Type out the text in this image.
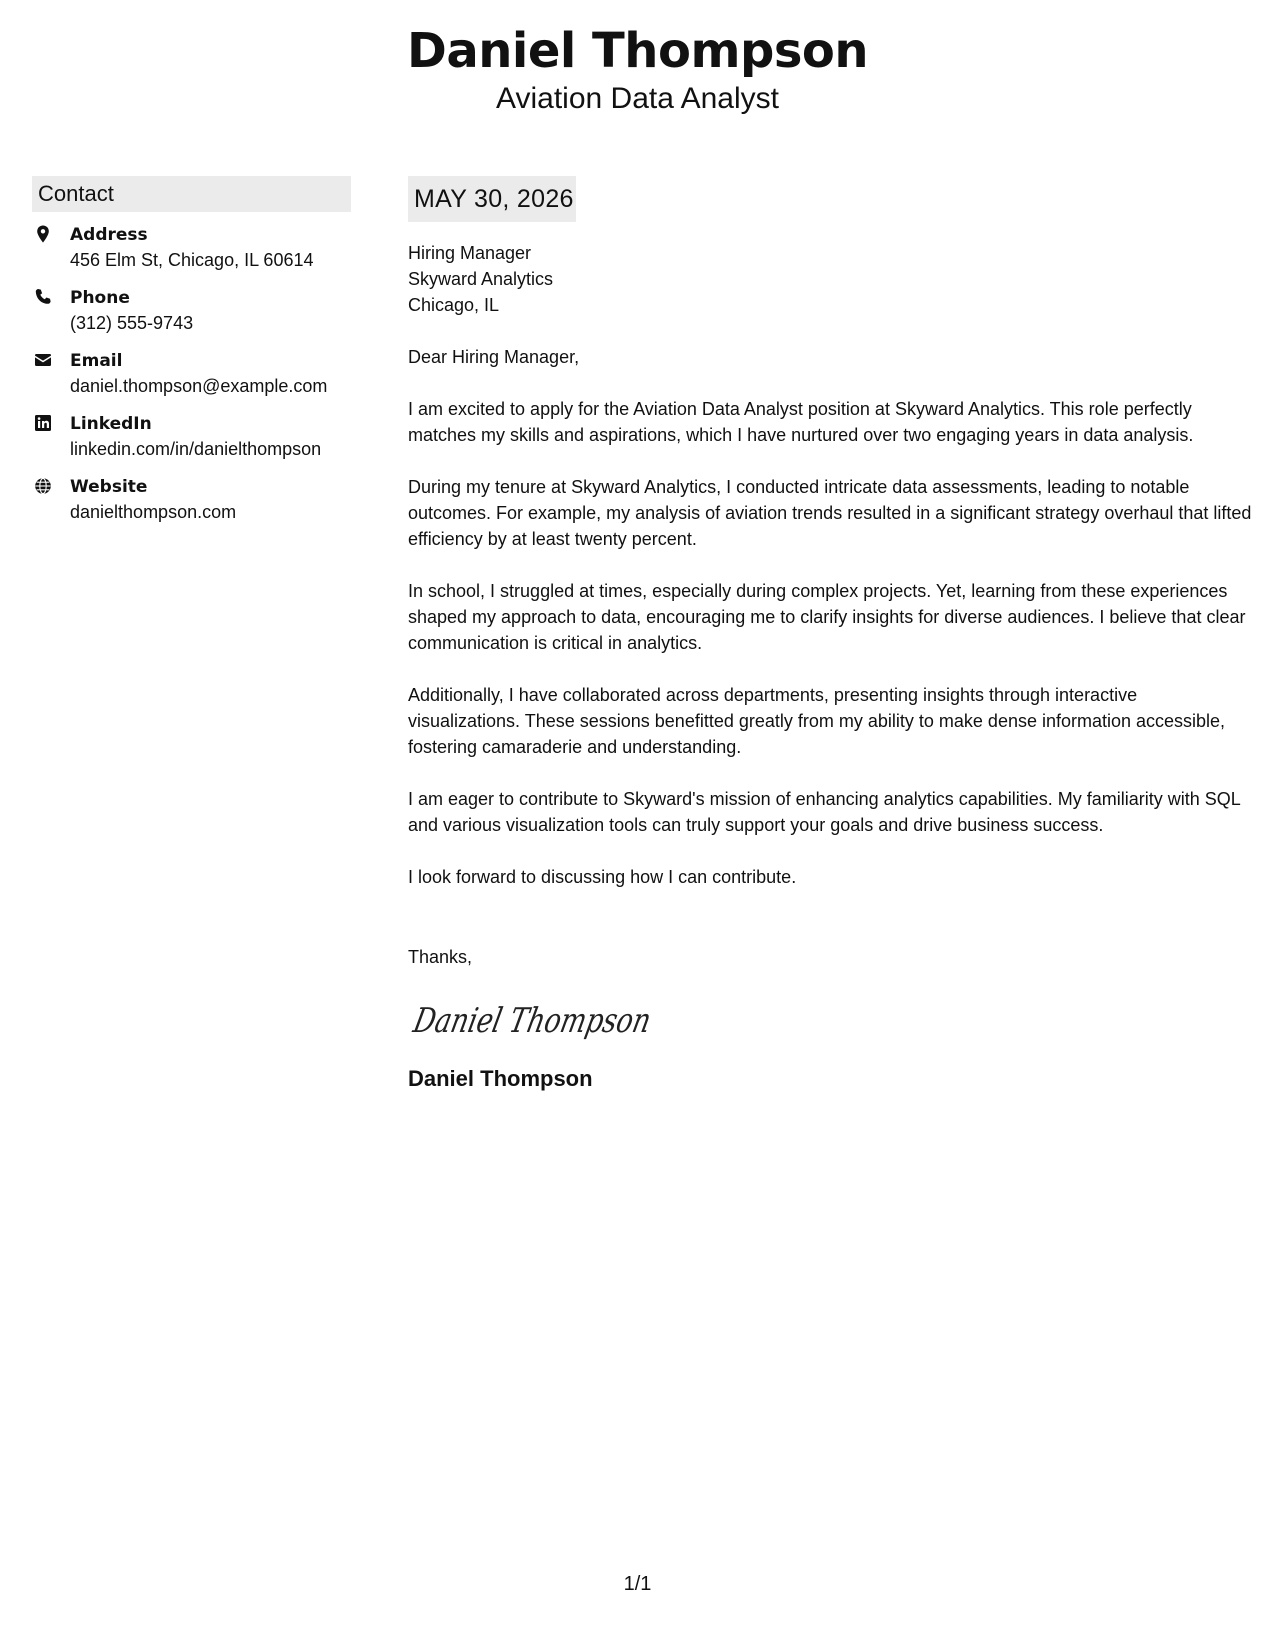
Daniel Thompson
Aviation Data Analyst
Contact
Address
456 Elm St, Chicago, IL 60614
Phone
(312) 555-9743
Email
daniel.thompson@example.com
LinkedIn
linkedin.com/in/danielthompson
Website
danielthompson.com
MAY 30, 2026
Hiring Manager
Skyward Analytics
Chicago, IL
Dear Hiring Manager,
I am excited to apply for the Aviation Data Analyst position at Skyward Analytics. This role perfectly matches my skills and aspirations, which I have nurtured over two engaging years in data analysis.
During my tenure at Skyward Analytics, I conducted intricate data assessments, leading to notable outcomes. For example, my analysis of aviation trends resulted in a significant strategy overhaul that lifted efficiency by at least twenty percent.
In school, I struggled at times, especially during complex projects. Yet, learning from these experiences shaped my approach to data, encouraging me to clarify insights for diverse audiences. I believe that clear communication is critical in analytics.
Additionally, I have collaborated across departments, presenting insights through interactive visualizations. These sessions benefitted greatly from my ability to make dense information accessible, fostering camaraderie and understanding.
I am eager to contribute to Skyward's mission of enhancing analytics capabilities. My familiarity with SQL and various visualization tools can truly support your goals and drive business success.
I look forward to discussing how I can contribute.
Thanks,
Daniel Thompson
Daniel Thompson
1/1
